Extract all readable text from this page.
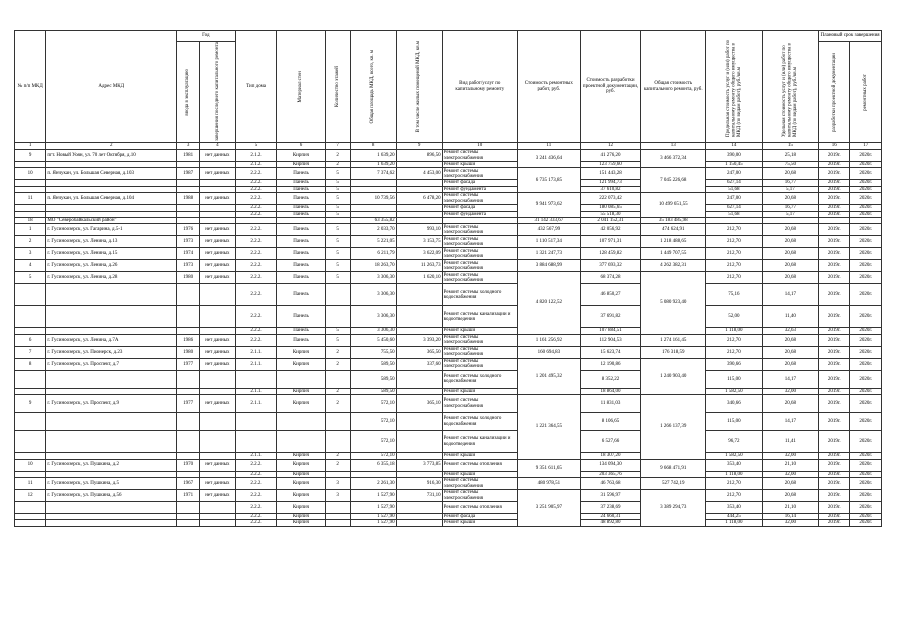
№ п/п МКД	Адрес МКД	Год		Тип дома	Материал стен	Количество этажей	Общая площадь МКД, всего, кв. м	В том числе жилых помещений МКД, кв.м	Вид работ/услуг по капитальному ремонту	Стоимость ремонтных работ, руб.	Стоимость разработки проектной документации, руб.	Общая стоимость капитального ремонта, руб.	Предельная стоимость услуг и (или) работ по капитальному ремонту общего имущества в МКД (по видам работ), руб./кв.м	Удельная стоимость услуг и (или) работ по капитальному ремонту общего имущества в МКД (по видам работ), руб./кв.м	Плановый срок завершения	

		ввода в эксплуатацию	завершения последнего капитального ремонта												разработки проектной документации	ремонтных работ

1	2	3	4	5	6	7	8	9	10	11	12	13	14	15	16	17
9	пгт. Новый Уоян, ул. 70 лет Октября, д.10	1981	нет данных	2.1.2.	Кирпич	2	1 639,20	896,50	Ремонт системы электроснабжения	3 241 436,64	41 276,20	3 466 372,34	390,00	25,18	2019г.	2020г.
				2.1.2.	Кирпич	2	1 639,20		Ремонт крыши		123 759,60		1 150,45	75,50	2019г.	2020г.
10	п. Янчукан, ул. Большая Северная, д.103	1987	нет данных	2.2.2.	Панель	5	7 374,62	4 453,00	Ремонт системы электроснабжения	6 735 173,85	151 443,28	7 045 226,68	247,00	20,68	2019г.	2020г.
				2.2.2.	Панель	5			Ремонт фасада		121 994,73		627,14	16,77	2019г.	2020г.
				2.2.2.	Панель	5			Ремонт фундамента		37 610,82		51,68	5,17	2019г.	2020г.
11	п. Янчукан, ул. Большая Северная, д.104	1988	нет данных	2.2.2.	Панель	5	10 739,56	6 478,20	Ремонт системы электроснабжения	9 941 973,62	222 073,42	10 499 651,55	247,00	20,68	2019г.	2020г.
				2.2.2.	Панель	5			Ремонт фасада		180 085,65		627,14	16,77	2019г.	2020г.
				2.2.2.	Панель	5			Ремонт фундамента		55 518,30		51,68	5,17	2019г.	2020г.
18	МО "Северобайкальский район"						63 355,82			31 142 333,67	2 041 152,31	35 183 485,98				
1	г. Гусиноозерск, ул. Гагарина, д.5-1	1976	нет данных	2.2.2.	Панель	5	2 033,70	993,10	Ремонт системы электроснабжения	432 567,99	42 056,92	474 624,91	212,70	20,68	2019г.	2020г.
2	г. Гусиноозерск, ул. Ленина, д.13	1973	нет данных	2.2.2.	Панель	5	5 221,05	3 153,75	Ремонт системы электроснабжения	1 110 517,34	107 971,31	1 218 488,65	212,70	20,68	2019г.	2020г.
3	г. Гусиноозерск, ул. Ленина, д.15	1974	нет данных	2.2.2.	Панель	5	6 211,79	3 622,09	Ремонт системы электроснабжения	1 321 247,73	128 459,82	1 449 707,55	212,70	20,68	2019г.	2020г.
4	г. Гусиноозерск, ул. Ленина, д.26	1973	нет данных	2.2.2.	Панель	5	18 263,70	11 263,73	Ремонт системы электроснабжения	3 884 688,99	377 693,32	4 262 382,31	212,70	20,68	2019г.	2020г.
5	г. Гусиноозерск, ул. Ленина, д.28	1980	нет данных	2.2.2.	Панель	5	3 306,30	1 620,10	Ремонт системы электроснабжения	4 820 122,52	68 374,28	5 080 923,40	212,70	20,68	2019г.	2020г.
				2.2.2.	Панель		3 306,30		Ремонт системы холодного водоснабжения		46 850,27		75,16	14,17	2019г.	2020г.
				2.2.2.	Панель		3 306,30		Ремонт системы канализации и водоотведения		37 691,82		52,00	11,40	2019г.	2020г.
				2.2.2.	Панель	5	3 306,30		Ремонт крыши		107 884,51		1 118,00	32,63	2019г.	2020г.
6	г. Гусиноозерск, ул. Ленина, д.7А	1986	нет данных	2.2.2.	Панель	5	5 450,60	3 393,20	Ремонт системы электроснабжения	1 161 256,92	112 904,53	1 274 161,45	212,70	20,68	2019г.	2020г.
7	г. Гусиноозерск, ул. Пионерск, д.23	1980	нет данных	2.1.1.	Кирпич	2	755,50	365,50	Ремонт системы электроснабжения	160 694,83	15 623,74	176 318,59	212,70	20,68	2019г.	2020г.
8	г. Гусиноозерск, ул. Проспект, д.7	1977	нет данных	2.1.1.	Кирпич	2	589,50	337,60	Ремонт системы электроснабжения	1 201 495,32	12 190,86	1 240 903,40	390,66	20,68	2019г.	2020г.
							589,50		Ремонт системы холодного водоснабжения		8 352,22		115,00	14,17	2019г.	2020г.
				2.1.1.	Кирпич	2	589,50		Ремонт крыши		18 864,00		1 582,50	32,00	2019г.	2020г.
9	г. Гусиноозерск, ул. Проспект, д.9	1977	нет данных	2.1.1.	Кирпич	2	572,10	365,10	Ремонт системы электроснабжения	1 221 364,55	11 831,03	1 266 137,39	340,66	20,68	2019г.	2020г.
							572,10		Ремонт системы холодного водоснабжения		8 106,65		115,00	14,17	2019г.	2020г.
							572,10		Ремонт системы канализации и водоотведения		6 527,66		96,72	11,41	2019г.	2020г.
				2.1.1.	Кирпич	2	572,10		Ремонт крыши		18 307,20		1 582,50	32,00	2019г.	2020г.
10	г. Гусиноозерск, ул. Пушкина, д.2	1970	нет данных	2.2.2.	Кирпич	2	6 355,18	3 773,85	Ремонт системы отопления	9 351 611,65	134 094,30	9 668 471,91	353,40	21,10	2019г.	2020г.
				2.2.2.	Кирпич				Ремонт крыши		203 365,76		1 118,00	32,00	2019г.	2020г.
11	г. Гусиноозерск, ул. Пушкина, д.5	1967	нет данных	2.2.2.	Кирпич	3	2 261,30	916,30	Ремонт системы электроснабжения	480 978,51	46 763,68	527 742,19	212,70	20,68	2019г.	2020г.
12	г. Гусиноозерск, ул. Пушкина, д.56	1971	нет данных	2.2.2.	Кирпич	3	1 527,90	731,10	Ремонт системы электроснабжения	3 251 905,97	31 596,97	3 389 294,73	212,70	20,68	2019г.	2020г.
				2.2.2.	Кирпич		1 527,90		Ремонт системы отопления		37 238,69		353,40	21,10	2019г.	2020г.
				2.2.2.	Кирпич		1 527,90		Ремонт фасада		24 660,31		444,25	16,14	2019г.	2020г.
				2.2.2.	Кирпич		1 527,90		Ремонт крыши		48 892,80		1 118,00	32,00	2019г.	2020г.
